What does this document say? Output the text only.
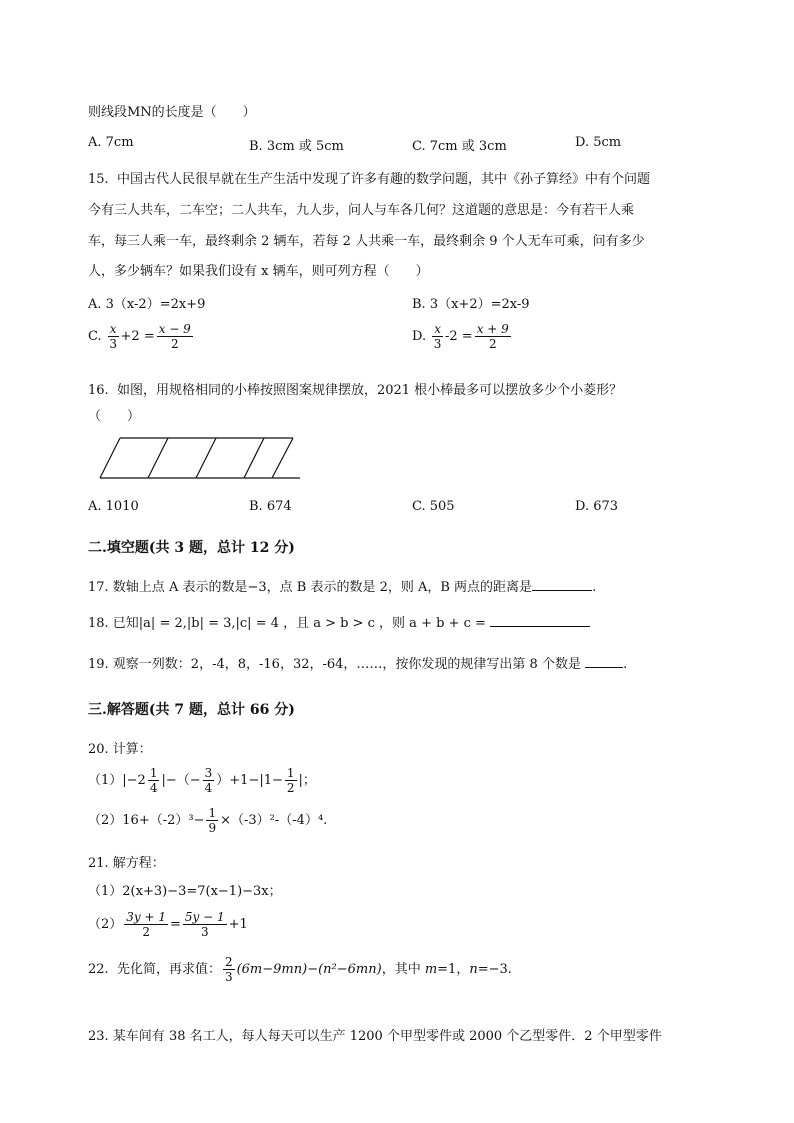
则线段MN的长度是（　　）
A. 7cm	B. 3cm 或 5cm	C. 7cm 或 3cm	D. 5cm
15. 中国古代人民很早就在生产生活中发现了许多有趣的数学问题，其中《孙子算经》中有个问题
今有三人共车，二车空；二人共车，九人步，问人与车各几何？这道题的意思是：今有若干人乘
车，每三人乘一车，最终剩余 2 辆车，若每 2 人共乘一车，最终剩余 9 个人无车可乘，问有多少
人，多少辆车？如果我们设有 x 辆车，则可列方程（　　）
A. 3（x-2）=2x+9	B. 3（x+2）=2x-9
C. $\frac{x}{3} +2 = \frac{x - 9}{2}$	D. $\frac{x}{3} -2 = \frac{x + 9}{2}$
16. 如图，用规格相同的小棒按照图案规律摆放，2021 根小棒最多可以摆放多少个小菱形？
（　　）
A. 1010	B. 674	C. 505	D. 673
二.填空题(共 3 题，总计 12 分)
17. 数轴上点 A 表示的数是−3，点 B 表示的数是 2，则 A，B 两点的距离是	.
18. 已知|a| = 2,|b| = 3,|c| = 4 ，且 a > b > c ，则 a + b + c =
19. 观察一列数：2，-4，8，-16，32，-64，……，按你发现的规律写出第 8 个数是	.
三.解答题(共 7 题，总计 66 分)
20. 计算：
$(1)|-2 \frac{1}{4}$ |−（− $\frac{3}{4} )+1-|1- \frac{1}{2}$ |；
$(2)16+(-2)^3- \frac{1}{9} \times(-3)^2-(-4)^4$.
21. 解方程：
（1）2(x+3)−3=7(x−1)−3x；
$(2) \frac{3y + 1}{2} = \frac{5y - 1}{3} +1$
22.  先化简，再求值： $\frac{2}{3} (6m-9mn)-(n^2-6mn)$，其中 m=1，n=−3.
23. 某车间有 38 名工人，每人每天可以生产 1200 个甲型零件或 2000 个乙型零件．2 个甲型零件
